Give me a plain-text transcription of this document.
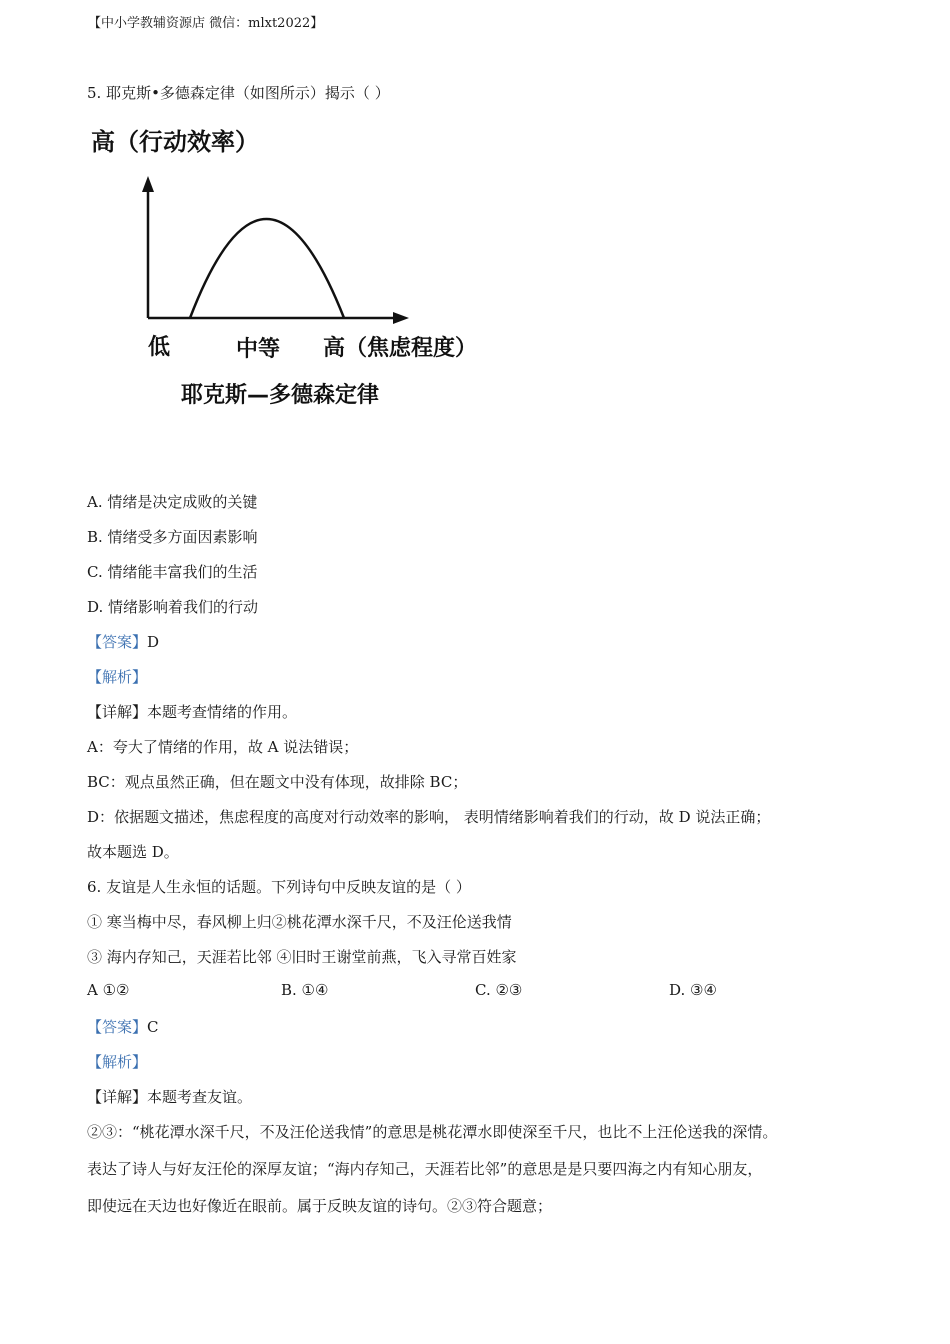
【中小学教辅资源店 微信：mlxt2022】
5. 耶克斯•多德森定律（如图所示）揭示（ ）
高（行动效率）
低	中等 高（焦虑程度）
耶克斯—多德森定律
A. 情绪是决定成败的关键
B. 情绪受多方面因素影响
C. 情绪能丰富我们的生活
D. 情绪影响着我们的行动
【答案】D
【解析】
【详解】本题考查情绪的作用。
A：夸大了情绪的作用，故 A 说法错误；
BC：观点虽然正确，但在题文中没有体现，故排除 BC；
D：依据题文描述，焦虑程度的高度对行动效率的影响， 表明情绪影响着我们的行动，故 D 说法正确；
故本题选 D。
6. 友谊是人生永恒的话题。下列诗句中反映友谊的是（ ）
① 寒当梅中尽，春风柳上归②桃花潭水深千尺，不及汪伦送我情
③ 海内存知己，天涯若比邻 ④旧时王谢堂前燕，飞入寻常百姓家
A ①②	B. ①④	C. ②③	D. ③④
【答案】C
【解析】
【详解】本题考查友谊。
②③：“桃花潭水深千尺，不及汪伦送我情”的意思是桃花潭水即使深至千尺，也比不上汪伦送我的深情。
表达了诗人与好友汪伦的深厚友谊；“海内存知己，天涯若比邻”的意思是是只要四海之内有知心朋友，
即使远在天边也好像近在眼前。属于反映友谊的诗句。②③符合题意；
